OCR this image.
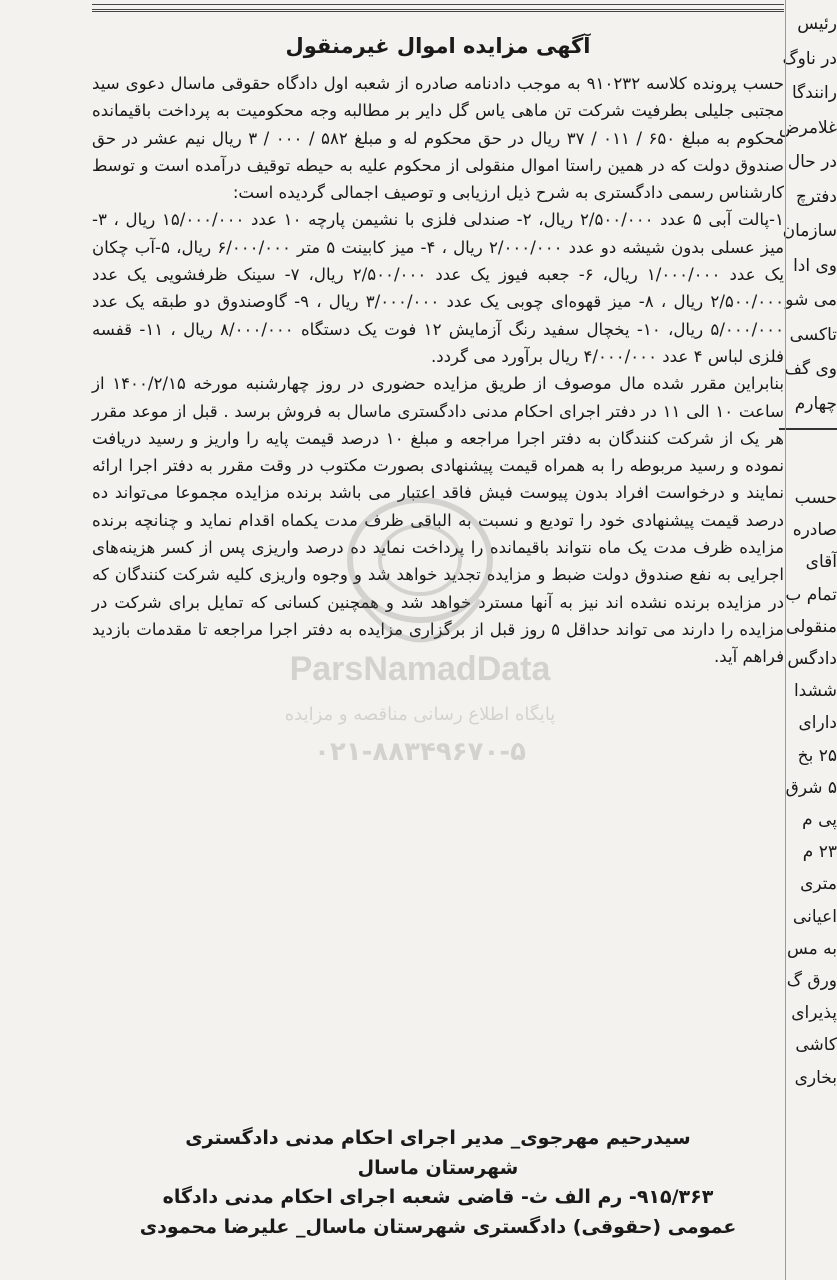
رئیس
در ناوگ
رانندگا
غلامرض
در حال
دفترچ
سازمان
وی ادا
می شو
تاکسی
وی گف
چهارم
حسب
صادره
آقای
تمام ب
منقولی
دادگس
ششدا
دارای
۲۵ بخ
۵ شرق
پی م
۲۳ م
متری
اعیانی
به مس
ورق گ
پذیرای
کاشی
بخاری
آگهی مزایده اموال غیرمنقول

حسب پرونده کلاسه ۹۱۰۲۳۲ به موجب دادنامه صادره از شعبه اول دادگاه حقوقی ماسال دعوی سید مجتبی جلیلی بطرفیت شرکت تن ماهی یاس گل دایر بر مطالبه وجه محکومیت به پرداخت باقیمانده محکوم به مبلغ ۶۵۰ / ۰۱۱ / ۳۷ ریال در حق محکوم له و مبلغ ۵۸۲ / ۰۰۰ / ۳ ریال نیم عشر در حق صندوق دولت که در همین راستا اموال منقولی از محکوم علیه به حیطه توقیف درآمده است و توسط کارشناس رسمی دادگستری به شرح ذیل ارزیابی و توصیف اجمالی گردیده است:

۱-پالت آبی ۵ عدد ۲/۵۰۰/۰۰۰ ریال، ۲- صندلی فلزی با نشیمن پارچه ۱۰ عدد ۱۵/۰۰۰/۰۰۰ ریال ، ۳- میز عسلی بدون شیشه دو عدد ۲/۰۰۰/۰۰۰ ریال ، ۴- میز کابینت ۵ متر ۶/۰۰۰/۰۰۰ ریال، ۵-آب چکان یک عدد ۱/۰۰۰/۰۰۰ ریال، ۶- جعبه فیوز یک عدد ۲/۵۰۰/۰۰۰ ریال، ۷- سینک ظرفشویی یک عدد ۲/۵۰۰/۰۰۰ ریال ، ۸- میز قهوه‌ای چوبی یک عدد ۳/۰۰۰/۰۰۰ ریال ، ۹- گاوصندوق دو طبقه یک عدد ۵/۰۰۰/۰۰۰ ریال، ۱۰- یخچال سفید رنگ آزمایش ۱۲ فوت یک دستگاه ۸/۰۰۰/۰۰۰ ریال ، ۱۱- قفسه فلزی لباس ۴ عدد ۴/۰۰۰/۰۰۰ ریال برآورد می گردد.

بنابراین مقرر شده مال موصوف از طریق مزایده حضوری در روز چهارشنبه مورخه ۱۴۰۰/۲/۱۵ از ساعت ۱۰ الی ۱۱ در دفتر اجرای احکام مدنی دادگستری ماسال به فروش برسد . قبل از موعد مقرر هر یک از شرکت کنندگان به دفتر اجرا مراجعه و مبلغ ۱۰ درصد قیمت پایه را واریز و رسید دریافت نموده و رسید مربوطه را به همراه قیمت پیشنهادی بصورت مکتوب در وقت مقرر به دفتر اجرا ارائه نمایند و درخواست افراد بدون پیوست فیش فاقد اعتبار می باشد برنده مزایده مجموعا می‌تواند ده درصد قیمت پیشنهادی خود را تودیع و نسبت به الباقی ظرف مدت یکماه اقدام نماید و چنانچه برنده مزایده ظرف مدت یک ماه نتواند باقیمانده را پرداخت نماید ده درصد واریزی پس از کسر هزینه‌های اجرایی به نفع صندوق دولت ضبط و مزایده تجدید خواهد شد و وجوه واریزی کلیه شرکت کنندگان که در مزایده برنده نشده اند نیز به آنها مسترد خواهد شد و همچنین کسانی که تمایل برای شرکت در مزایده را دارند می تواند حداقل ۵ روز قبل از برگزاری مزایده به دفتر اجرا مراجعه تا مقدمات بازدید فراهم آید.

سیدرحیم مهرجوی_ مدیر اجرای احکام مدنی دادگستری

شهرستان ماسال

۹۱۵/۳۶۳- رم الف ث- قاضی شعبه اجرای احکام مدنی دادگاه

عمومی (حقوقی) دادگستری شهرستان ماسال_ علیرضا محمودی

ParsNamadData
پایگاه اطلاع رسانی مناقصه و مزایده
۰۲۱-۸۸۳۴۹۶۷۰-۵
